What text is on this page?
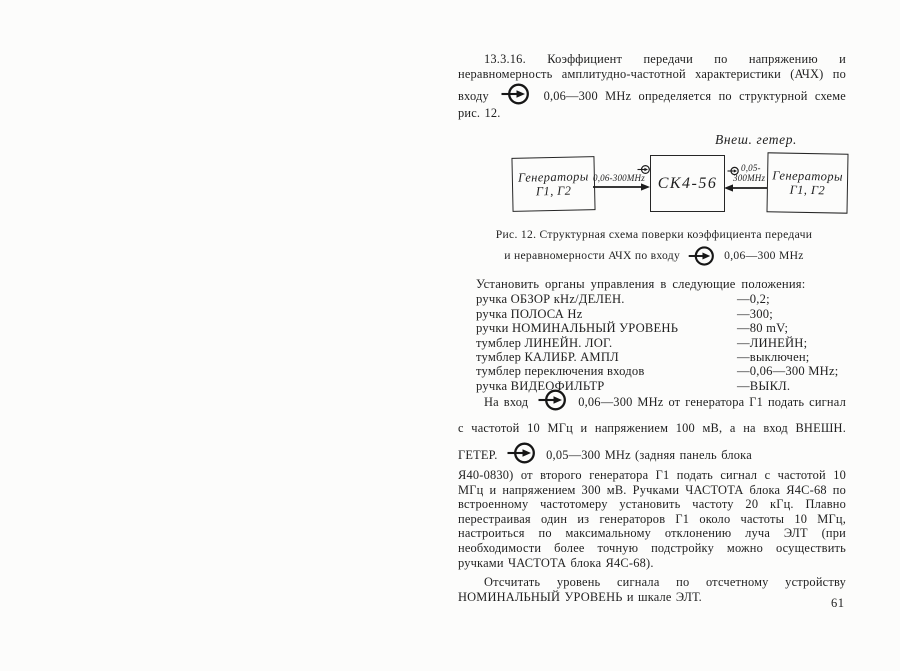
13.3.16. Коэффициент передачи по напряжению и неравномерность амплитудно-частотной характеристики (АЧХ) по входу	0,06—300 MHz определяется по структурной схеме рис. 12.

Внеш. гетер.
Генераторы
Г1, Г2	СК4-56	Генераторы
Г1, Г2
0,06-300МНz
0,05-
300МНz
Рис. 12. Структурная схема поверки коэффициента передачи
и неравномерности АЧХ по входу	0,06—300 МНz

Установить органы управления в следующие положения:

ручка ОБЗОР кHz/ДЕЛЕН.	—0,2;
ручка ПОЛОСА Hz	—300;
ручки НОМИНАЛЬНЫЙ УРОВЕНЬ	—80 mV;
тумблер ЛИНЕЙН. ЛОГ.	—ЛИНЕЙН;
тумблер КАЛИБР. АМПЛ	—выключен;
тумблер переключения входов	—0,06—300 MHz;
ручка ВИДЕОФИЛЬТР	—ВЫКЛ.

На вход	0,06—300 MHz от генератора Г1 подать сигнал с частотой 10 МГц и напряжением 100 мВ, а на вход ВНЕШН. ГЕТЕР.	0,05—300 MHz (задняя панель блока

Я40-0830) от второго генератора Г1 подать сигнал с частотой 10 МГц и напряжением 300 мВ. Ручками ЧАСТОТА блока Я4С-68 по встроенному частотомеру установить частоту 20 кГц. Плавно перестраивая один из генераторов Г1 около частоты 10 МГц, настроиться по максимальному отклонению луча ЭЛТ (при необходимости более точную подстройку можно осуществить ручками ЧАСТОТА блока Я4С-68).

Отсчитать уровень сигнала по отсчетному устройству НОМИНАЛЬНЫЙ УРОВЕНЬ и шкале ЭЛТ.	61
